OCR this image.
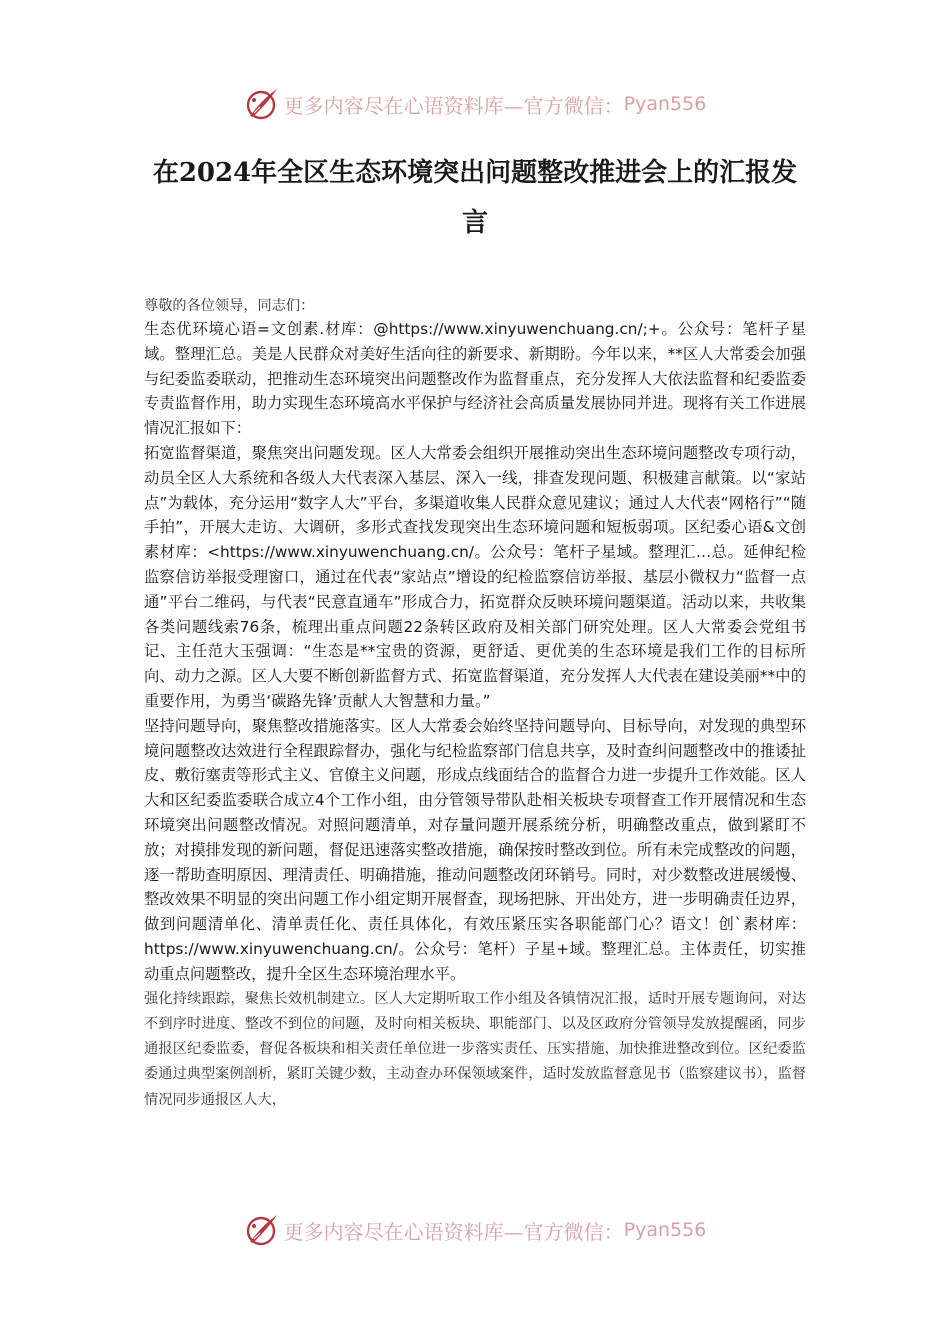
更多内容尽在心语资料库—官方微信： Pyan556
在2024年全区生态环境突出问题整改推进会上的汇报发言

尊敬的各位领导，同志们：

生态优环境心语=文创素.材库：@https://www.xinyuwenchuang.cn/;+。公众号：笔杆子星域。整理汇总。美是人民群众对美好生活向往的新要求、新期盼。今年以来，**区人大常委会加强与纪委监委联动，把推动生态环境突出问题整改作为监督重点，充分发挥人大依法监督和纪委监委专责监督作用，助力实现生态环境高水平保护与经济社会高质量发展协同并进。现将有关工作进展情况汇报如下：

拓宽监督渠道，聚焦突出问题发现。区人大常委会组织开展推动突出生态环境问题整改专项行动，动员全区人大系统和各级人大代表深入基层、深入一线，排查发现问题、积极建言献策。以“家站点”为载体，充分运用“数字人大”平台，多渠道收集人民群众意见建议；通过人大代表“网格行”“随手拍”，开展大走访、大调研，多形式查找发现突出生态环境问题和短板弱项。区纪委心语&文创素材库：<https://www.xinyuwenchuang.cn/。公众号：笔杆子星域。整理汇…总。延伸纪检监察信访举报受理窗口，通过在代表“家站点”增设的纪检监察信访举报、基层小微权力“监督一点通”平台二维码，与代表“民意直通车”形成合力，拓宽群众反映环境问题渠道。活动以来，共收集各类问题线索76条，梳理出重点问题22条转区政府及相关部门研究处理。区人大常委会党组书记、主任范大玉强调：“生态是**宝贵的资源，更舒适、更优美的生态环境是我们工作的目标所向、动力之源。区人大要不断创新监督方式、拓宽监督渠道，充分发挥人大代表在建设美丽**中的重要作用，为勇当‘碳路先锋’贡献人大智慧和力量。”

坚持问题导向，聚焦整改措施落实。区人大常委会始终坚持问题导向、目标导向，对发现的典型环境问题整改达效进行全程跟踪督办，强化与纪检监察部门信息共享，及时查纠问题整改中的推诿扯皮、敷衍塞责等形式主义、官僚主义问题，形成点线面结合的监督合力进一步提升工作效能。区人大和区纪委监委联合成立4个工作小组，由分管领导带队赴相关板块专项督查工作开展情况和生态环境突出问题整改情况。对照问题清单，对存量问题开展系统分析，明确整改重点，做到紧盯不放；对摸排发现的新问题，督促迅速落实整改措施，确保按时整改到位。所有未完成整改的问题，逐一帮助查明原因、理清责任、明确措施，推动问题整改闭环销号。同时，对少数整改进展缓慢、整改效果不明显的突出问题工作小组定期开展督查，现场把脉、开出处方，进一步明确责任边界，做到问题清单化、清单责任化、责任具体化，有效压紧压实各职能部门心？语文！创`素材库：https://www.xinyuwenchuang.cn/。公众号：笔杆）子星+域。整理汇总。主体责任，切实推动重点问题整改，提升全区生态环境治理水平。

强化持续跟踪，聚焦长效机制建立。区人大定期听取工作小组及各镇情况汇报，适时开展专题询问，对达不到序时进度、整改不到位的问题，及时向相关板块、职能部门、以及区政府分管领导发放提醒函，同步通报区纪委监委，督促各板块和相关责任单位进一步落实责任、压实措施，加快推进整改到位。区纪委监委通过典型案例剖析，紧盯关键少数，主动查办环保领域案件，适时发放监督意见书（监察建议书），监督情况同步通报区人大，

更多内容尽在心语资料库—官方微信： Pyan556
